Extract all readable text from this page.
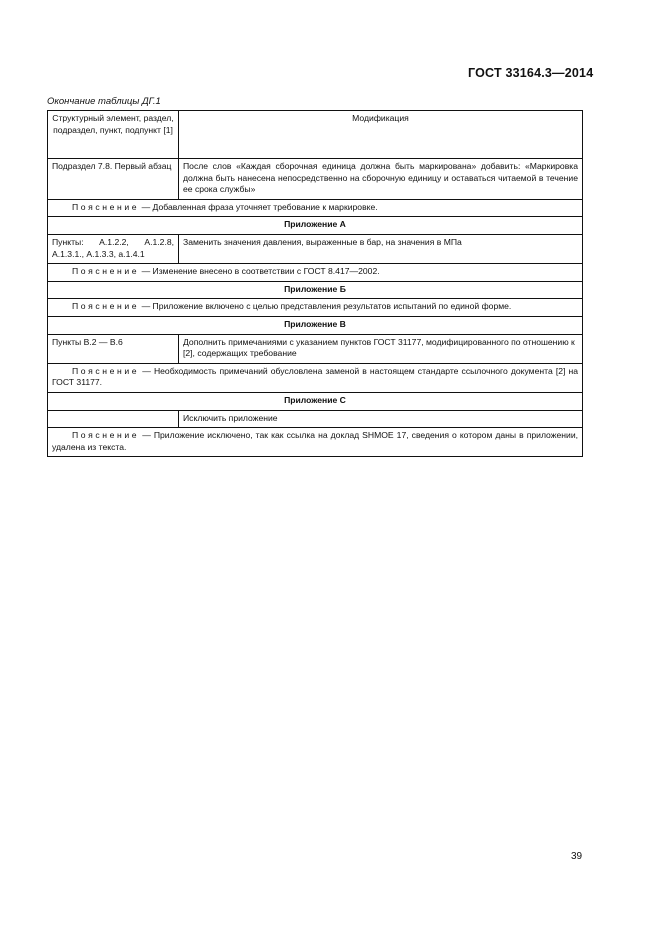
ГОСТ 33164.3—2014
Окончание таблицы ДГ.1
Структурный элемент, раздел, подраздел, пункт, подпункт [1]	Модификация
Подраздел 7.8. Первый абзац	После слов «Каждая сборочная единица должна быть маркирована» добавить: «Маркировка должна быть нанесена непосредственно на сборочную единицу и оставаться читаемой в течение ее срока службы»
Пояснение — Добавленная фраза уточняет требование к маркировке.	
Приложение А	
Пункты: А.1.2.2, А.1.2.8, А.1.3.1., А.1.3.3, а.1.4.1	Заменить значения давления, выраженные в бар, на значения в МПа
Пояснение — Изменение внесено в соответствии с ГОСТ 8.417—2002.	
Приложение Б	
Пояснение — Приложение включено с целью представления результатов испытаний по единой форме.	
Приложение В	
Пункты В.2 — В.6	Дополнить примечаниями с указанием пунктов ГОСТ 31177, модифицированного по отношению к [2], содержащих требование
Пояснение — Необходимость примечаний обусловлена заменой в настоящем стандарте ссылочного документа [2] на ГОСТ 31177.	
Приложение С	
	Исключить приложение
Пояснение — Приложение исключено, так как ссылка на доклад SHMOE 17, сведения о котором даны в приложении, удалена из текста.	
39
